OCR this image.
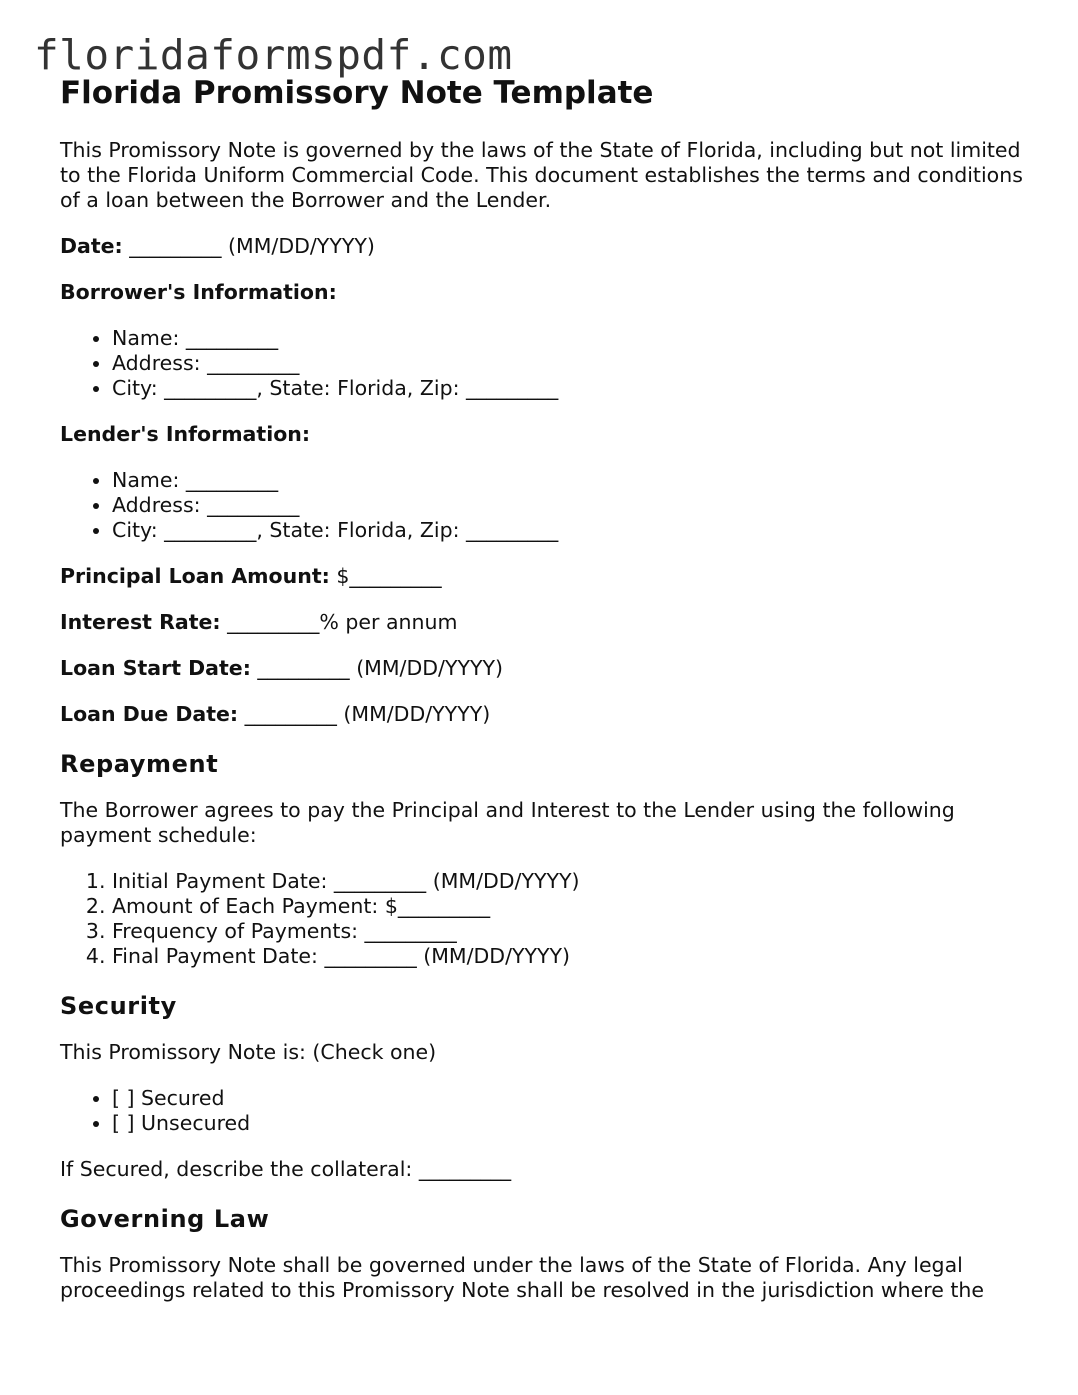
floridaformspdf.com
Florida Promissory Note Template

This Promissory Note is governed by the laws of the State of Florida, including but not limited to the Florida Uniform Commercial Code. This document establishes the terms and conditions of a loan between the Borrower and the Lender.

Date: _________ (MM/DD/YYYY)

Borrower's Information:

• Name: _________
• Address: _________
• City: _________, State: Florida, Zip: _________

Lender's Information:

• Name: _________
• Address: _________
• City: _________, State: Florida, Zip: _________

Principal Loan Amount: $_________

Interest Rate: _________% per annum

Loan Start Date: _________ (MM/DD/YYYY)

Loan Due Date: _________ (MM/DD/YYYY)

Repayment

The Borrower agrees to pay the Principal and Interest to the Lender using the following payment schedule:

1. Initial Payment Date: _________ (MM/DD/YYYY)
2. Amount of Each Payment: $_________
3. Frequency of Payments: _________
4. Final Payment Date: _________ (MM/DD/YYYY)
Security

This Promissory Note is: (Check one)

• [ ] Secured
• [ ] Unsecured

If Secured, describe the collateral: _________

Governing Law

This Promissory Note shall be governed under the laws of the State of Florida. Any legal proceedings related to this Promissory Note shall be resolved in the jurisdiction where the
